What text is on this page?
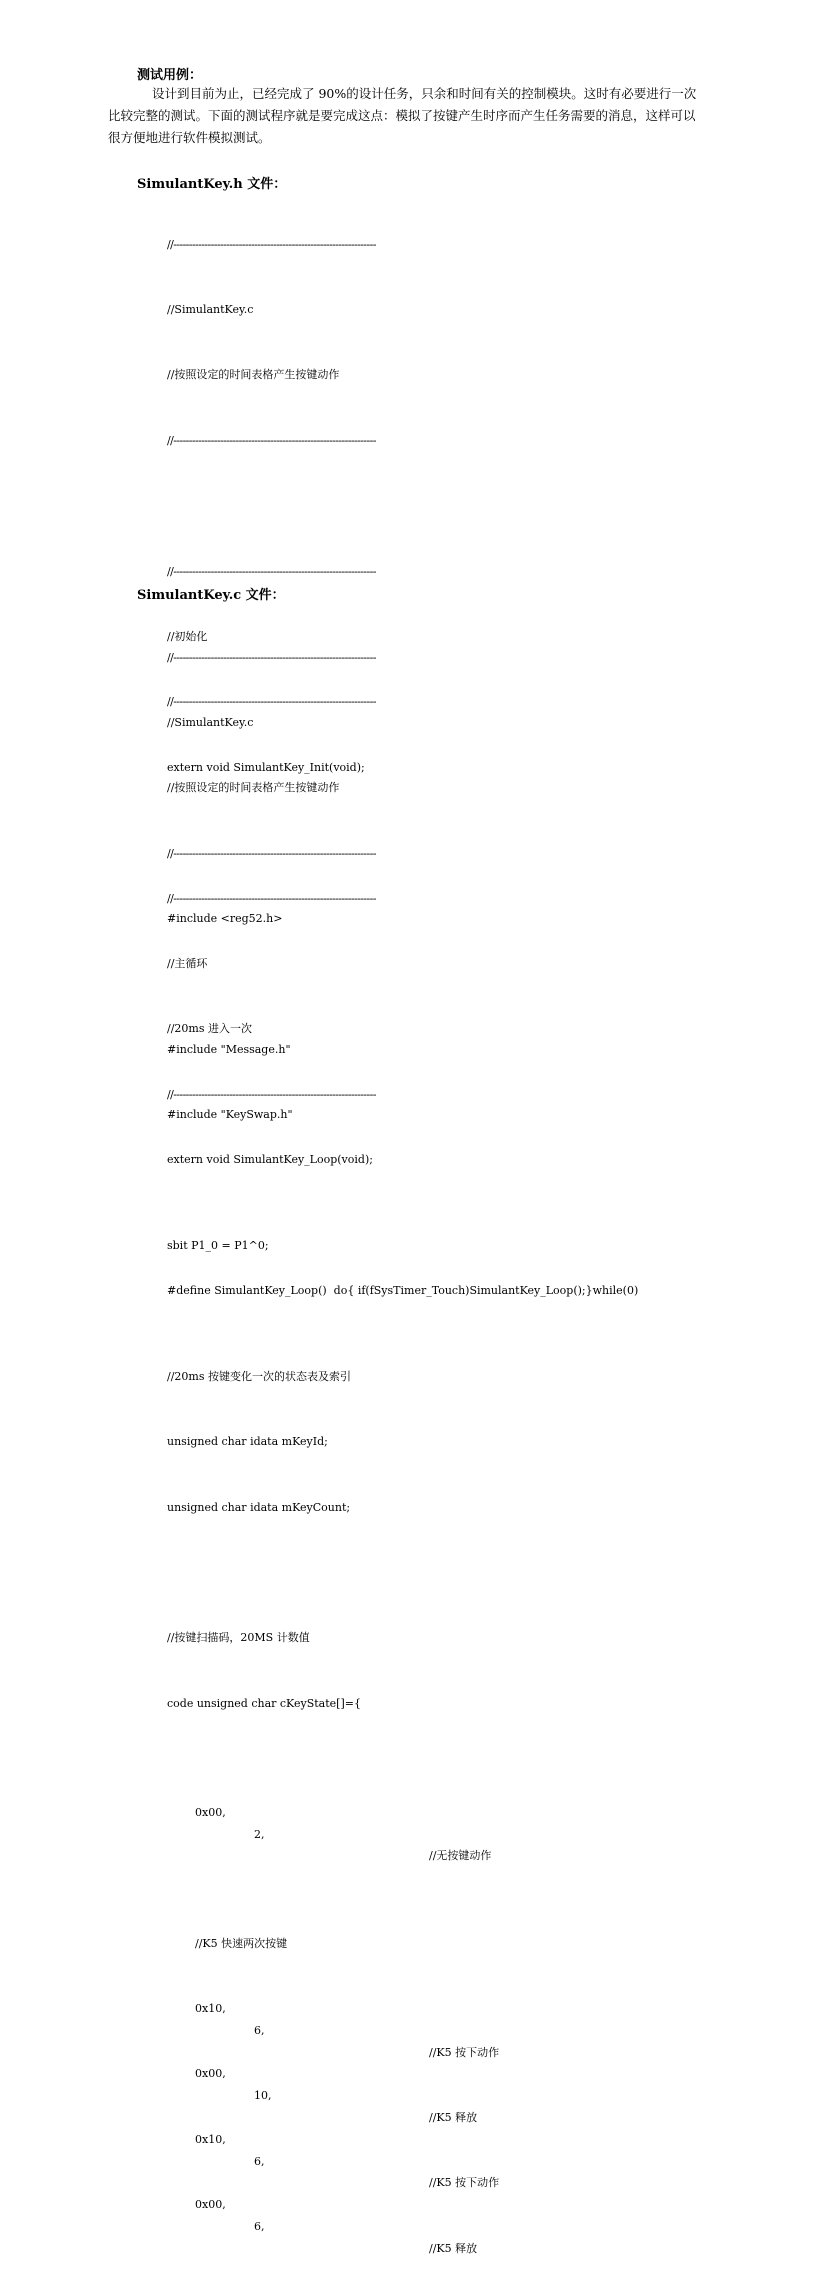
测试用例：
设计到目前为止，已经完成了 90%的设计任务，只余和时间有关的控制模块。这时有必要进行一次
比较完整的测试。下面的测试程序就是要完成这点：模拟了按键产生时序而产生任务需要的消息，这样可以
很方便地进行软件模拟测试。
SimulantKey.h 文件：

//-----------------------------------------------------------------

//SimulantKey.c

//按照设定的时间表格产生按键动作

//-----------------------------------------------------------------

//-----------------------------------------------------------------

//初始化

//-----------------------------------------------------------------

extern void SimulantKey_Init(void);

//-----------------------------------------------------------------

//主循环

//20ms 进入一次

//-----------------------------------------------------------------

extern void SimulantKey_Loop(void);

#define SimulantKey_Loop()  do{ if(fSysTimer_Touch)SimulantKey_Loop();}while(0)

SimulantKey.c 文件：

//-----------------------------------------------------------------

//SimulantKey.c

//按照设定的时间表格产生按键动作

//-----------------------------------------------------------------

#include <reg52.h>

#include "Message.h"

#include "KeySwap.h"

sbit P1_0 = P1^0;

//20ms 按键变化一次的状态表及索引

unsigned char idata mKeyId;

unsigned char idata mKeyCount;

//按键扫描码，20MS 计数值

code unsigned char cKeyState[]={

0x00,

2,

//无按键动作

//K5 快速两次按键

0x10,

6,

//K5 按下动作

0x00,

10,

//K5 释放

0x10,

6,

//K5 按下动作

0x00,

6,

//K5 释放
